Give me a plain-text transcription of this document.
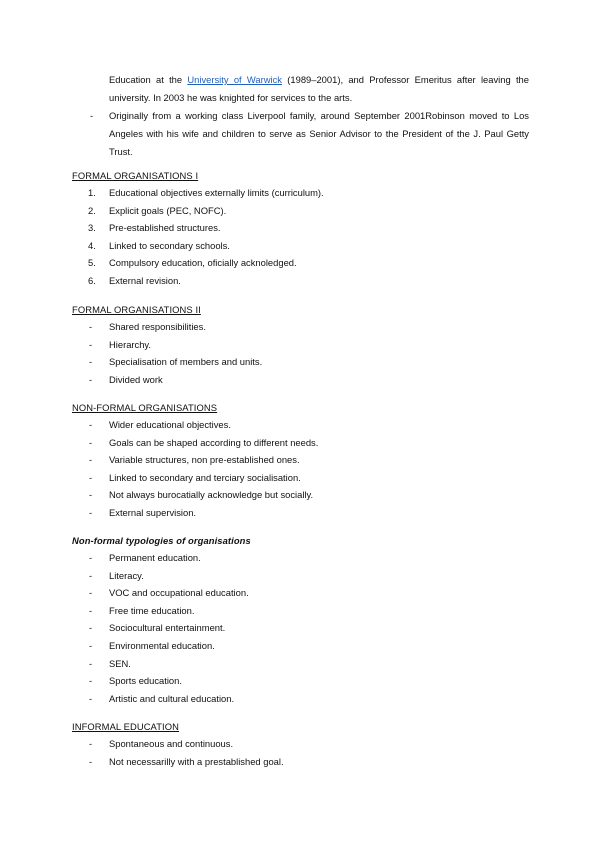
Education at the University of Warwick (1989–2001), and Professor Emeritus after leaving the university. In 2003 he was knighted for services to the arts.

- Originally from a working class Liverpool family, around September 2001Robinson moved to Los Angeles with his wife and children to serve as Senior Advisor to the President of the J. Paul Getty Trust.

FORMAL ORGANISATIONS I
1. Educational objectives externally limits (curriculum).
2. Explicit goals (PEC, NOFC).
3. Pre-established structures.
4. Linked to secondary schools.
5. Compulsory education, oficially acknoledged.
6. External revision.
FORMAL ORGANISATIONS II
- Shared responsibilities.
- Hierarchy.
- Specialisation of members and units.
- Divided work
NON-FORMAL ORGANISATIONS
- Wider educational objectives.
- Goals can be shaped according to different needs.
- Variable structures, non pre-established ones.
- Linked to secondary and terciary socialisation.
- Not always burocatially acknowledge but socially.
- External supervision.
Non-formal typologies of organisations
- Permanent education.
- Literacy.
- VOC and occupational education.
- Free time education.
- Sociocultural entertainment.
- Environmental education.
- SEN.
- Sports education.
- Artistic and cultural education.
INFORMAL EDUCATION
- Spontaneous and continuous.
- Not necessarilly with a prestablished goal.
